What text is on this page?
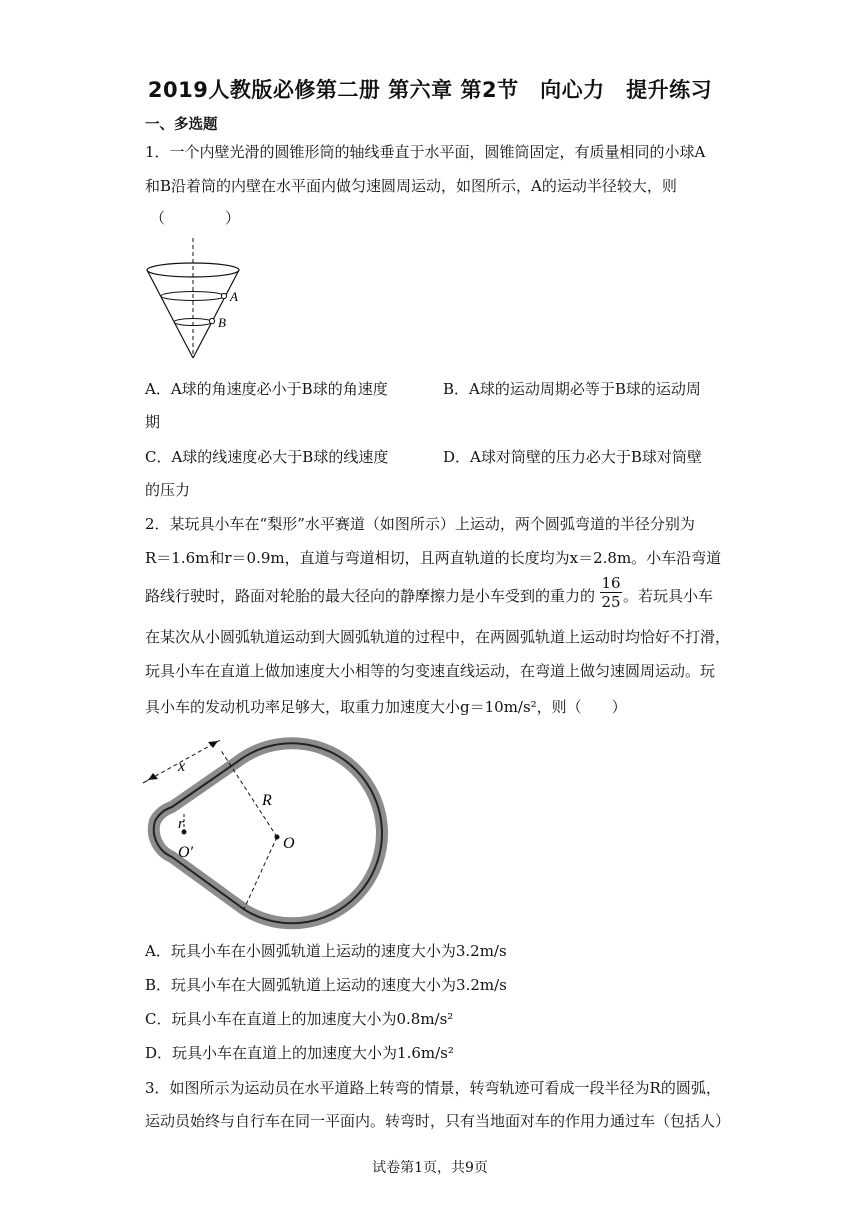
2019人教版必修第二册 第六章 第2节　向心力　提升练习
一、多选题
1．一个内壁光滑的圆锥形筒的轴线垂直于水平面，圆锥筒固定，有质量相同的小球A
和B沿着筒的内壁在水平面内做匀速圆周运动，如图所示，A的运动半径较大，则
（　　　　）
A
B
A．A球的角速度必小于B球的角速度	B．A球的运动周期必等于B球的运动周
期
C．A球的线速度必大于B球的线速度	D．A球对筒壁的压力必大于B球对筒壁
的压力
2．某玩具小车在“梨形”水平赛道（如图所示）上运动，两个圆弧弯道的半径分别为
R＝1.6m和r＝0.9m，直道与弯道相切，且两直轨道的长度均为x＝2.8m。小车沿弯道
路线行驶时，路面对轮胎的最大径向的静摩擦力是小车受到的重力的 $\frac{16}{25}$ 。若玩具小车
在某次从小圆弧轨道运动到大圆弧轨道的过程中，在两圆弧轨道上运动时均恰好不打滑，
玩具小车在直道上做加速度大小相等的匀变速直线运动，在弯道上做匀速圆周运动。玩
具小车的发动机功率足够大，取重力加速度大小g＝10m/s²，则（　　）
x
R
r
O
O′
A．玩具小车在小圆弧轨道上运动的速度大小为3.2m/s
B．玩具小车在大圆弧轨道上运动的速度大小为3.2m/s
C．玩具小车在直道上的加速度大小为0.8m/s²
D．玩具小车在直道上的加速度大小为1.6m/s²
3．如图所示为运动员在水平道路上转弯的情景，转弯轨迹可看成一段半径为R的圆弧，
运动员始终与自行车在同一平面内。转弯时，只有当地面对车的作用力通过车（包括人）
试卷第1页，共9页
